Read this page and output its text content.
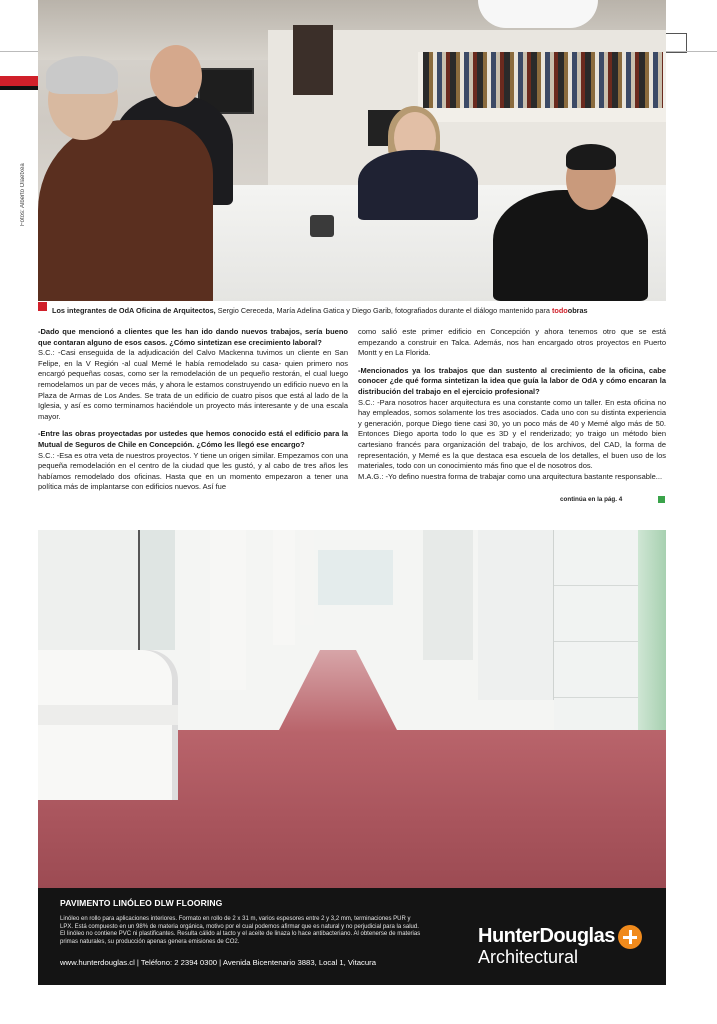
Fotos: Alberto Olaetxea
Los integrantes de OdA Oficina de Arquitectos, Sergio Cereceda, María Adelina Gatica y Diego Garib, fotografiados durante el diálogo mantenido para todoobras

-Dado que mencionó a clientes que les han ido dando nuevos trabajos, sería bueno que contaran alguno de esos casos. ¿Cómo sintetizan ese crecimiento laboral?

S.C.: -Casi enseguida de la adjudicación del Calvo Mackenna tuvimos un cliente en San Felipe, en la V Región -al cual Memé le había remodelado su casa- quien primero nos encargó pequeñas cosas, como ser la remodelación de un pequeño restorán, el cual luego remodelamos un par de veces más, y ahora le estamos construyendo un edificio nuevo en la Plaza de Armas de Los Andes. Se trata de un edificio de cuatro pisos que está al lado de la Iglesia, y así es como terminamos haciéndole un proyecto más interesante y de una escala mayor.

-Entre las obras proyectadas por ustedes que hemos conocido está el edificio para la Mutual de Seguros de Chile en Concepción. ¿Cómo les llegó ese encargo?

S.C.: -Esa es otra veta de nuestros proyectos. Y tiene un origen similar. Empezamos con una pequeña remodelación en el centro de la ciudad que les gustó, y al cabo de tres años les habíamos remodelado dos oficinas. Hasta que en un momento empezaron a tener una política más de implantarse con edificios nuevos. Así fue

como salió este primer edificio en Concepción y ahora tenemos otro que se está empezando a construir en Talca. Además, nos han encargado otros proyectos en Puerto Montt y en La Florida.

-Mencionados ya los trabajos que dan sustento al crecimiento de la oficina, cabe conocer ¿de qué forma sintetizan la idea que guía la labor de OdA y cómo encaran la distribución del trabajo en el ejercicio profesional?

S.C.: -Para nosotros hacer arquitectura es una constante como un taller. En esta oficina no hay empleados, somos solamente los tres asociados. Cada uno con su distinta experiencia y generación, porque Diego tiene casi 30, yo un poco más de 40 y Memé algo más de 50. Entonces Diego aporta todo lo que es 3D y el renderizado; yo traigo un método bien cartesiano francés para organización del trabajo, de los archivos, del CAD, la forma de representación, y Memé es la que destaca esa escuela de los detalles, el buen uso de los materiales, todo con un conocimiento más fino que el de nosotros dos.

M.A.G.: -Yo defino nuestra forma de trabajar como una arquitectura bastante responsable...

continúa en la pág. 4
PAVIMENTO LINÓLEO DLW FLOORING
Linóleo en rollo para aplicaciones interiores. Formato en rollo de 2 x 31 m, varios espesores entre 2 y 3,2 mm, terminaciones PUR y LPX. Está compuesto en un 98% de materia orgánica, motivo por el cual podemos afirmar que es natural y no perjudicial para la salud. El linóleo no contiene PVC ni plastificantes. Resulta cálido al tacto y el aceite de linaza lo hace antibacteriano. Al obtenerse de materias primas naturales, su producción apenas genera emisiones de CO2.
www.hunterdouglas.cl | Teléfono: 2 2394 0300 | Avenida Bicentenario 3883, Local 1, Vitacura
HunterDouglas
Architectural
